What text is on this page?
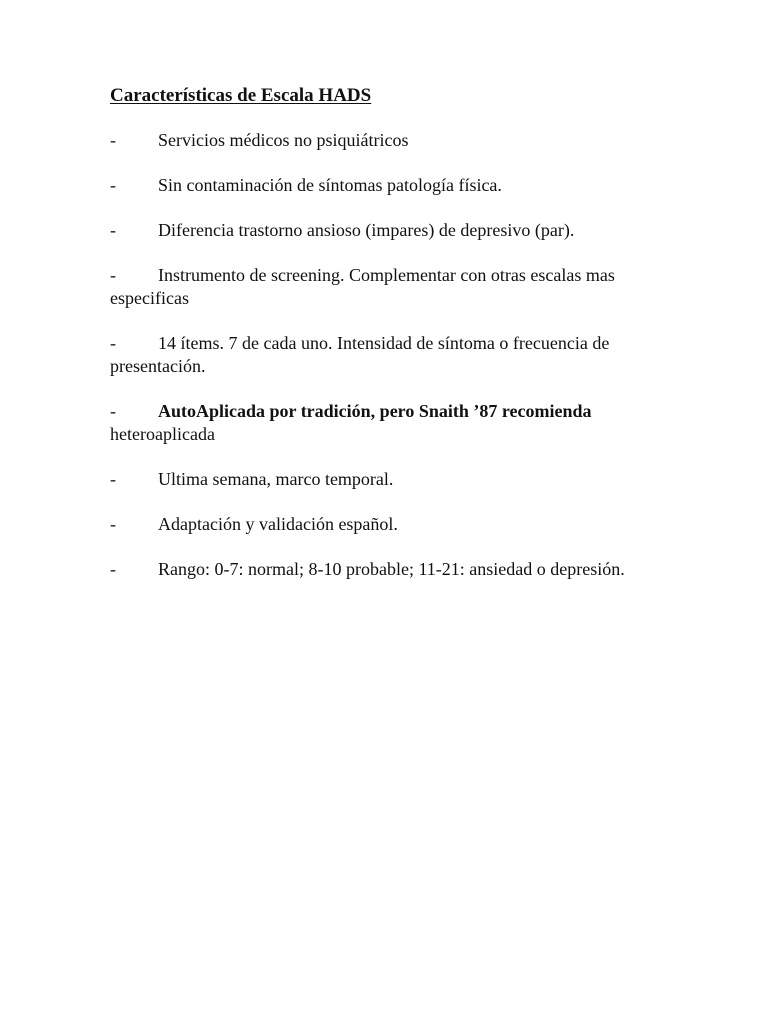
Características de Escala HADS
- Servicios médicos no psiquiátricos
- Sin contaminación de síntomas patología física.
- Diferencia trastorno ansioso (impares) de depresivo (par).
- Instrumento de screening. Complementar con otras escalas mas especificas
- 14 ítems. 7 de cada uno. Intensidad de síntoma o frecuencia de presentación.
- AutoAplicada por tradición, pero Snaith ’87 recomienda
heteroaplicada
- Ultima semana, marco temporal.
- Adaptación y validación español.
- Rango: 0-7: normal; 8-10 probable; 11-21: ansiedad o depresión.
